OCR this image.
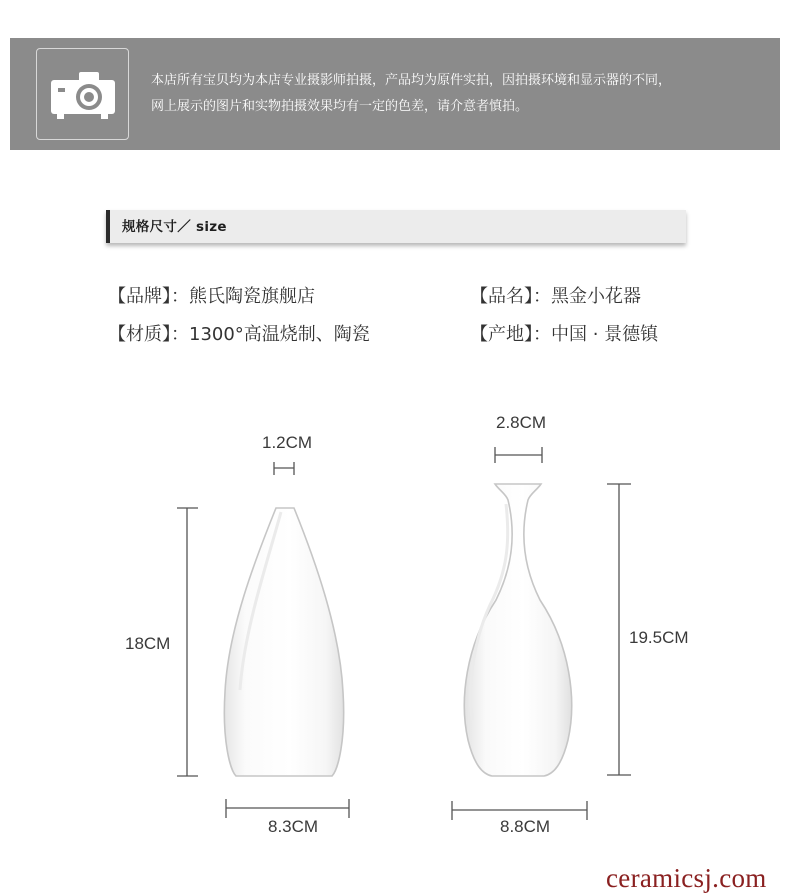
本店所有宝贝均为本店专业摄影师拍摄，产品均为原件实拍，因拍摄环境和显示器的不同，
网上展示的图片和实物拍摄效果均有一定的色差，请介意者慎拍。

规格尺寸／ size
【品牌】：熊氏陶瓷旗舰店	【品名】：黑金小花器
【材质】：1300°高温烧制、陶瓷	【产地】：中国 · 景德镇
1.2CM
18CM
8.3CM
2.8CM
19.5CM
8.8CM
ceramicsj.com
